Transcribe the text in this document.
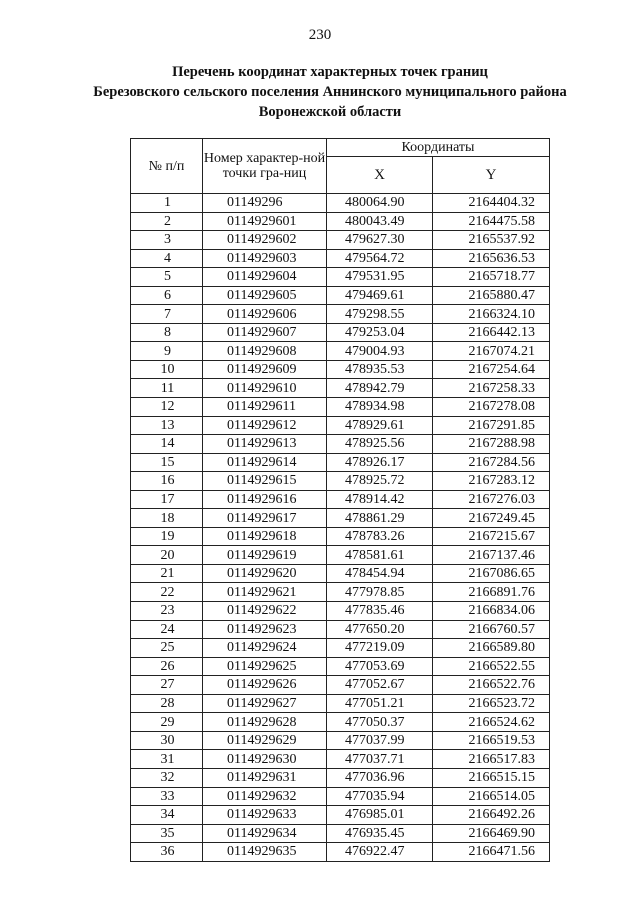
230
Перечень координат характерных точек границ
Березовского сельского поселения Аннинского муниципального района
Воронежской области
№ п/п	Номер характер-ной точки гра-ниц	Координаты	
		X	Y
1	01149296	480064.90	2164404.32
2	0114929601	480043.49	2164475.58
3	0114929602	479627.30	2165537.92
4	0114929603	479564.72	2165636.53
5	0114929604	479531.95	2165718.77
6	0114929605	479469.61	2165880.47
7	0114929606	479298.55	2166324.10
8	0114929607	479253.04	2166442.13
9	0114929608	479004.93	2167074.21
10	0114929609	478935.53	2167254.64
11	0114929610	478942.79	2167258.33
12	0114929611	478934.98	2167278.08
13	0114929612	478929.61	2167291.85
14	0114929613	478925.56	2167288.98
15	0114929614	478926.17	2167284.56
16	0114929615	478925.72	2167283.12
17	0114929616	478914.42	2167276.03
18	0114929617	478861.29	2167249.45
19	0114929618	478783.26	2167215.67
20	0114929619	478581.61	2167137.46
21	0114929620	478454.94	2167086.65
22	0114929621	477978.85	2166891.76
23	0114929622	477835.46	2166834.06
24	0114929623	477650.20	2166760.57
25	0114929624	477219.09	2166589.80
26	0114929625	477053.69	2166522.55
27	0114929626	477052.67	2166522.76
28	0114929627	477051.21	2166523.72
29	0114929628	477050.37	2166524.62
30	0114929629	477037.99	2166519.53
31	0114929630	477037.71	2166517.83
32	0114929631	477036.96	2166515.15
33	0114929632	477035.94	2166514.05
34	0114929633	476985.01	2166492.26
35	0114929634	476935.45	2166469.90
36	0114929635	476922.47	2166471.56
